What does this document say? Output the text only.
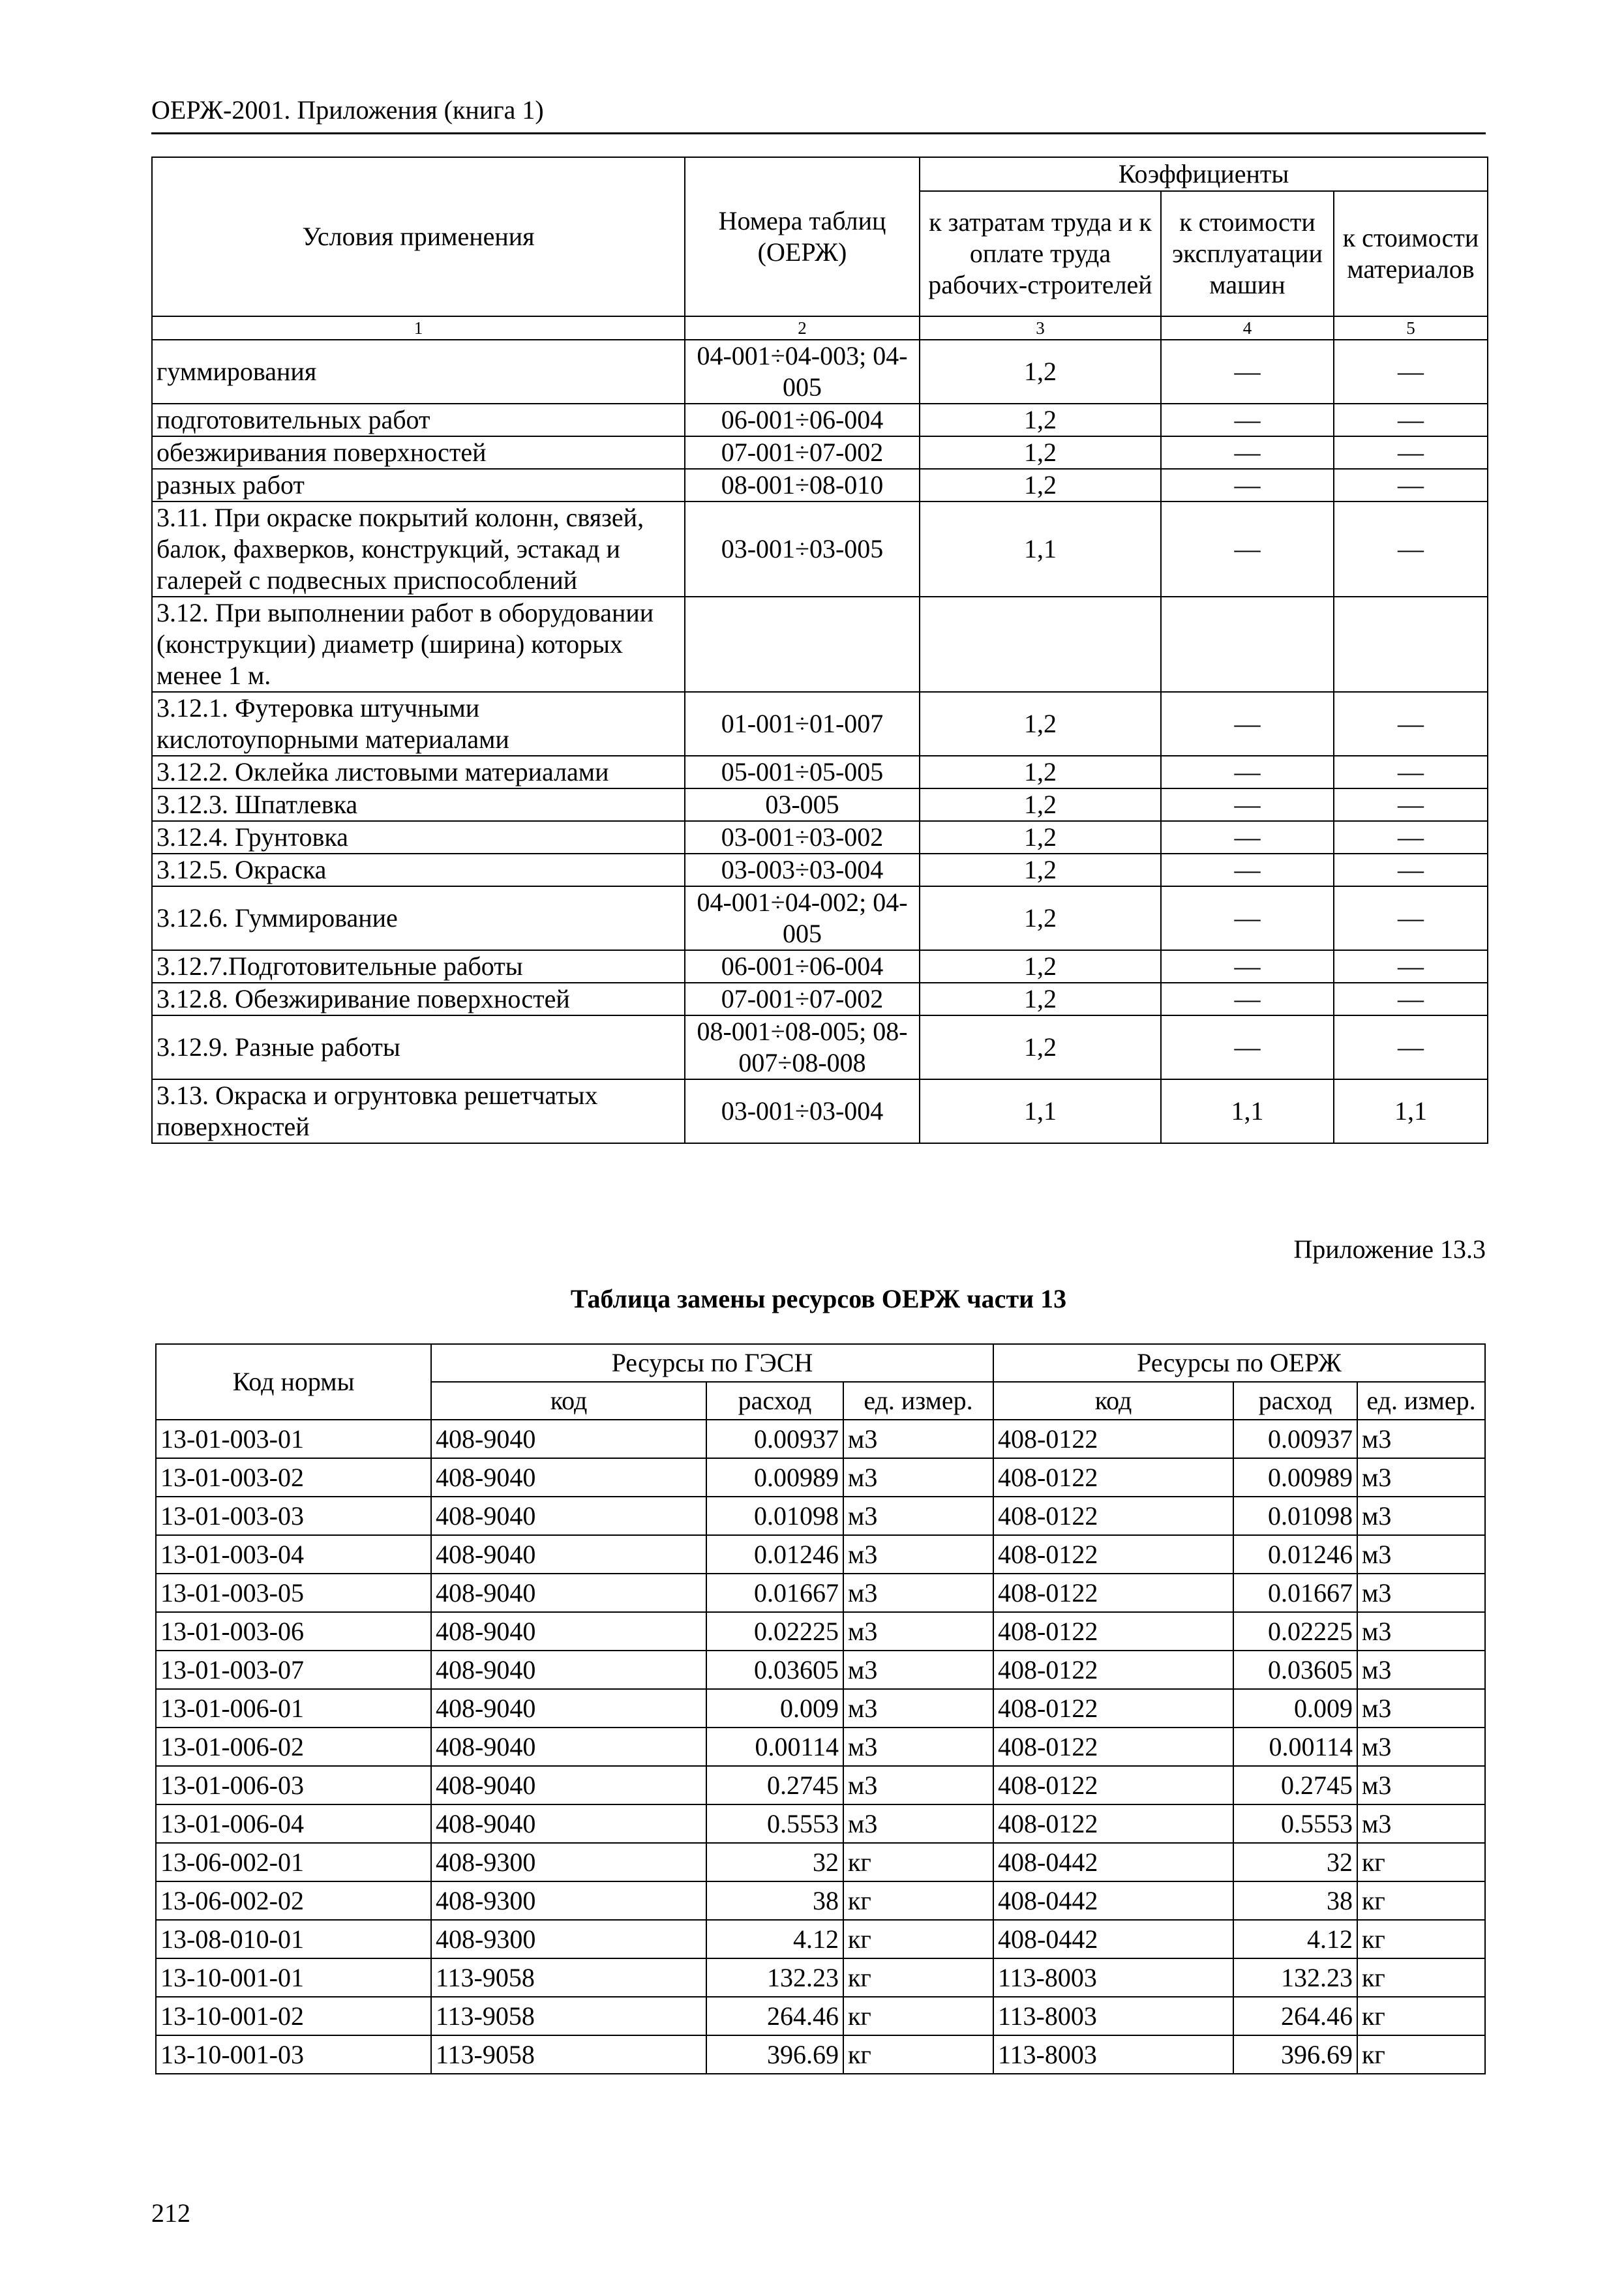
ОЕРЖ-2001. Приложения (книга 1)
Условия применения	Номера таблиц (ОЕРЖ)	Коэффициенты		
		к затратам труда и к оплате труда рабочих-строителей	к стоимости эксплуатации машин	к стоимости материалов
1	2	3	4	5
гуммирования	04-001÷04-003; 04-005	1,2	—	—
подготовительных работ	06-001÷06-004	1,2	—	—
обезжиривания поверхностей	07-001÷07-002	1,2	—	—
разных работ	08-001÷08-010	1,2	—	—
3.11. При окраске покрытий колонн, связей, балок, фахверков, конструкций, эстакад и галерей с подвесных приспособлений	03-001÷03-005	1,1	—	—
3.12. При выполнении работ в оборудовании (конструкции) диаметр (ширина) которых менее 1 м.				
3.12.1. Футеровка штучными кислотоупорными материалами	01-001÷01-007	1,2	—	—
3.12.2. Оклейка листовыми материалами	05-001÷05-005	1,2	—	—
3.12.3. Шпатлевка	03-005	1,2	—	—
3.12.4. Грунтовка	03-001÷03-002	1,2	—	—
3.12.5. Окраска	03-003÷03-004	1,2	—	—
3.12.6. Гуммирование	04-001÷04-002; 04-005	1,2	—	—
3.12.7.Подготовительные работы	06-001÷06-004	1,2	—	—
3.12.8. Обезжиривание поверхностей	07-001÷07-002	1,2	—	—
3.12.9. Разные работы	08-001÷08-005; 08-007÷08-008	1,2	—	—
3.13. Окраска и огрунтовка решетчатых поверхностей	03-001÷03-004	1,1	1,1	1,1
Приложение 13.3
Таблица замены ресурсов ОЕРЖ части 13
Код нормы	Ресурсы по ГЭСН			Ресурсы по ОЕРЖ		
	код	расход	ед. измер.	код	расход	ед. измер.
13-01-003-01	408-9040	0.00937	м3	408-0122	0.00937	м3
13-01-003-02	408-9040	0.00989	м3	408-0122	0.00989	м3
13-01-003-03	408-9040	0.01098	м3	408-0122	0.01098	м3
13-01-003-04	408-9040	0.01246	м3	408-0122	0.01246	м3
13-01-003-05	408-9040	0.01667	м3	408-0122	0.01667	м3
13-01-003-06	408-9040	0.02225	м3	408-0122	0.02225	м3
13-01-003-07	408-9040	0.03605	м3	408-0122	0.03605	м3
13-01-006-01	408-9040	0.009	м3	408-0122	0.009	м3
13-01-006-02	408-9040	0.00114	м3	408-0122	0.00114	м3
13-01-006-03	408-9040	0.2745	м3	408-0122	0.2745	м3
13-01-006-04	408-9040	0.5553	м3	408-0122	0.5553	м3
13-06-002-01	408-9300	32	кг	408-0442	32	кг
13-06-002-02	408-9300	38	кг	408-0442	38	кг
13-08-010-01	408-9300	4.12	кг	408-0442	4.12	кг
13-10-001-01	113-9058	132.23	кг	113-8003	132.23	кг
13-10-001-02	113-9058	264.46	кг	113-8003	264.46	кг
13-10-001-03	113-9058	396.69	кг	113-8003	396.69	кг
212
